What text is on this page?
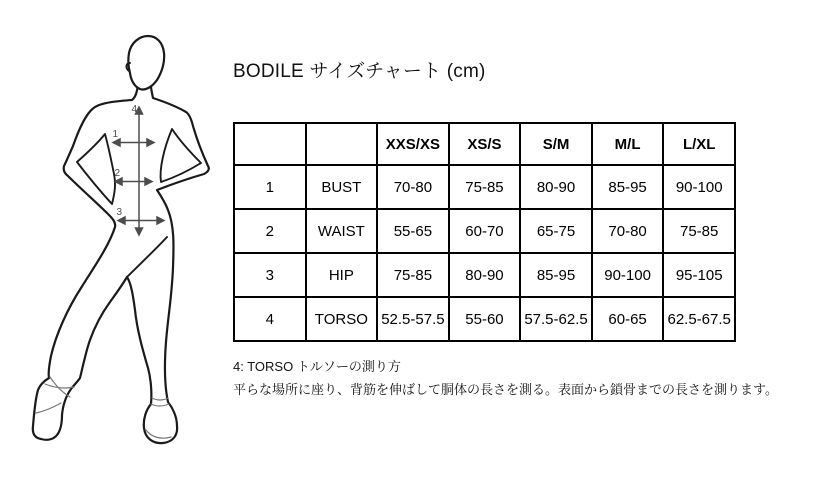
4
1
2
3
BODILE サイズチャート (cm)
		XXS/XS	XS/S	S/M	M/L	L/XL
1	BUST	70-80	75-85	80-90	85-95	90-100
2	WAIST	55-65	60-70	65-75	70-80	75-85
3	HIP	75-85	80-90	85-95	90-100	95-105
4	TORSO	52.5-57.5	55-60	57.5-62.5	60-65	62.5-67.5
4: TORSO トルソーの測り方
平らな場所に座り、背筋を伸ばして胴体の長さを測る。表面から鎖骨までの長さを測ります。
